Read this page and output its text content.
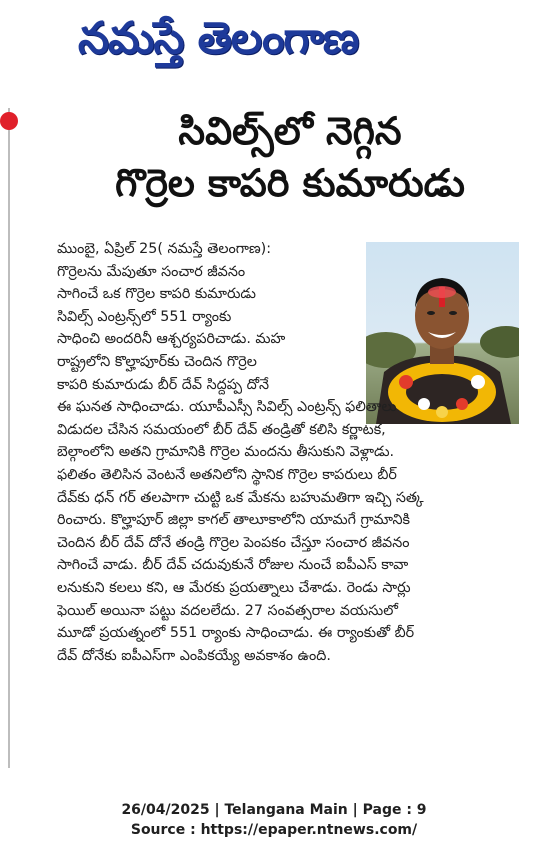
నమస్తే తెలంగాణ
సివిల్స్‌లో నెగ్గిన
గొర్రెల కాపరి కుమారుడు
ముంబై, ఏప్రిల్ 25( నమస్తే తెలంగాణ):
గొర్రెలను మేపుతూ సంచార జీవనం
సాగించే ఒక గొర్రెల కాపరి కుమారుడు
సివిల్స్ ఎంట్రన్స్‌లో 551 ర్యాంకు
సాధించి అందరినీ ఆశ్చర్యపరిచాడు. మహ
రాష్ట్రలోని కొల్హాపూర్‌కు చెందిన గొర్రెల
కాపరి కుమారుడు బీర్ దేవ్ సిద్దప్ప దోనే
ఈ ఘనత సాధించాడు. యూపీఎస్సీ సివిల్స్ ఎంట్రన్స్ ఫలితాలు
విడుదల చేసిన సమయంలో బీర్ దేవ్ తండ్రితో కలిసి కర్ణాటక,
బెల్గాంలోని అతని గ్రామానికి గొర్రెల మందను తీసుకుని వెళ్లాడు.
ఫలితం తెలిసిన వెంటనే అతనిలోని స్థానిక గొర్రెల కాపరులు బీర్
దేవ్‌కు ధన్ గర్ తలపాగా చుట్టి ఒక మేకను బహుమతిగా ఇచ్చి సత్క
రించారు. కొల్హాపూర్ జిల్లా కాగల్ తాలూకాలోని యామగే గ్రామానికి
చెందిన బీర్ దేవ్ దోనే తండ్రి గొర్రెల పెంపకం చేస్తూ సంచార జీవనం
సాగించే వాడు. బీర్ దేవ్ చదువుకునే రోజుల నుంచే ఐపీఎస్ కావా
లనుకుని కలలు కని, ఆ మేరకు ప్రయత్నాలు చేశాడు. రెండు సార్లు
ఫెయిల్ అయినా పట్టు వదలలేదు. 27 సంవత్సరాల వయసులో
మూడో ప్రయత్నంలో 551 ర్యాంకు సాధించాడు. ఈ ర్యాంకుతో బీర్
దేవ్ దోనేకు ఐపీఎస్‌గా ఎంపికయ్యే అవకాశం ఉంది.
26/04/2025 | Telangana Main | Page : 9
Source : https://epaper.ntnews.com/
